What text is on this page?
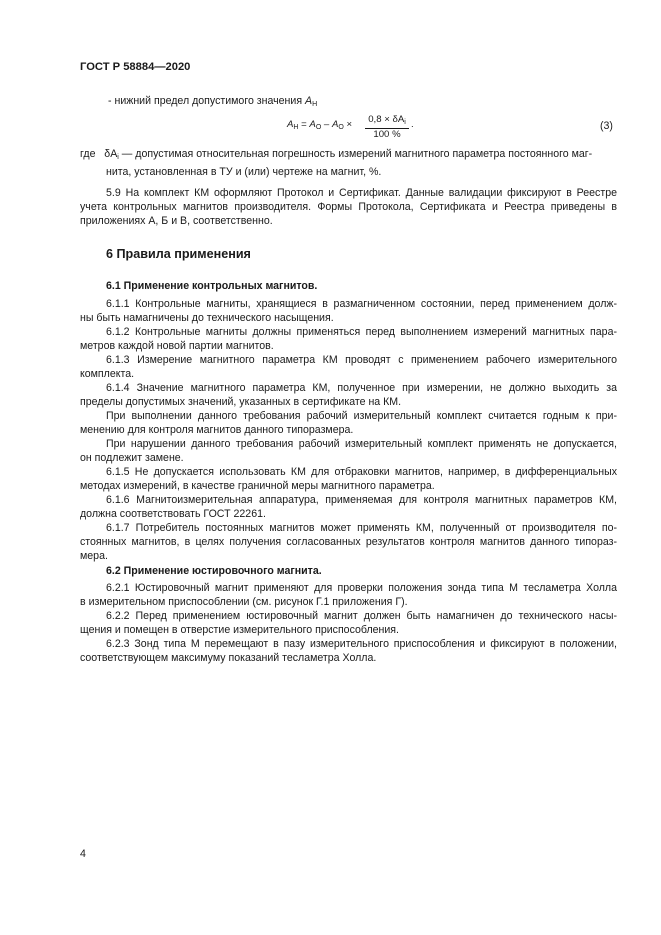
ГОСТ Р 58884—2020
- нижний предел допустимого значения $A_Н$
$A_Н = A_O - A_O$ ×	$0,8 \times \delta A_i$
100 %
.	(3)
где   $\delta A_i$ — допустимая относительная погрешность измерений магнитного параметра постоянного маг-
нита, установленная в ТУ и (или) чертеже на магнит, %.
5.9 На комплект КМ оформляют Протокол и Сертификат. Данные валидации фиксируют в Реестре
учета контрольных магнитов производителя. Формы Протокола, Сертификата и Реестра приведены в
приложениях А, Б и В, соответственно.
6 Правила применения
6.1 Применение контрольных магнитов.
6.1.1 Контрольные магниты, хранящиеся в размагниченном состоянии, перед применением долж-
ны быть намагничены до технического насыщения.
6.1.2 Контрольные магниты должны применяться перед выполнением измерений магнитных пара-
метров каждой новой партии магнитов.
6.1.3 Измерение магнитного параметра КМ проводят с применением рабочего измерительного
комплекта.
6.1.4 Значение магнитного параметра КМ, полученное при измерении, не должно выходить за
пределы допустимых значений, указанных в сертификате на КМ.
При выполнении данного требования рабочий измерительный комплект считается годным к при-
менению для контроля магнитов данного типоразмера.
При нарушении данного требования рабочий измерительный комплект применять не допускается,
он подлежит замене.
6.1.5 Не допускается использовать КМ для отбраковки магнитов, например, в дифференциальных
методах измерений, в качестве граничной меры магнитного параметра.
6.1.6 Магнитоизмерительная аппаратура, применяемая для контроля магнитных параметров КМ,
должна соответствовать ГОСТ 22261.
6.1.7 Потребитель постоянных магнитов может применять КМ, полученный от производителя по-
стоянных магнитов, в целях получения согласованных результатов контроля магнитов данного типораз-
мера.
6.2 Применение юстировочного магнита.
6.2.1 Юстировочный магнит применяют для проверки положения зонда типа М тесламетра Холла
в измерительном приспособлении (см. рисунок Г.1 приложения Г).
6.2.2 Перед применением юстировочный магнит должен быть намагничен до технического насы-
щения и помещен в отверстие измерительного приспособления.
6.2.3 Зонд типа М перемещают в пазу измерительного приспособления и фиксируют в положении,
соответствующем максимуму показаний тесламетра Холла.
4
